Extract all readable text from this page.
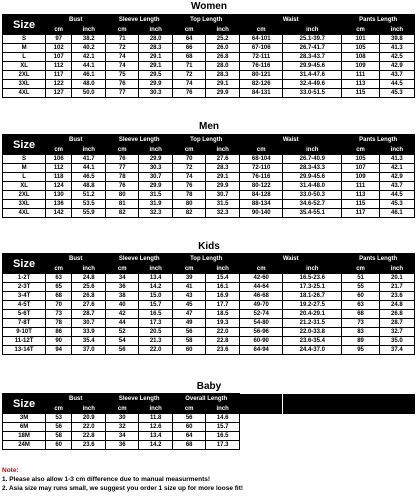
Women
Size	Bust		Sleeve Length		Top Length		Waist		Pants Length	
	cm	inch	cm	inch	cm	inch	cm	inch	cm	inch
S	97	38.2	71	28.0	64	25.2	64-101	25.1-39.7	101	39.8
M	102	40.2	72	28.3	66	26.0	67-106	26.7-41.7	105	41.3
L	107	42.1	74	29.1	68	26.8	72-111	28.3-43.7	108	42.5
XL	112	44.1	74	29.1	71	28.0	76-116	29.9-45.6	109	42.9
2XL	117	46.1	75	29.5	72	28.3	80-121	31.4-47.6	111	43.7
3XL	122	48.0	76	29.9	74	29.1	82-126	32.4-49.6	113	44.5
4XL	127	50.0	77	30.3	76	29.9	84-131	33.0-51.5	115	45.3
Men
Size	Bust		Sleeve Length		Top Length		Waist		Pants Length	
	cm	inch	cm	inch	cm	inch	cm	inch	cm	inch
S	106	41.7	76	29.9	70	27.6	68-104	26.7-40.9	105	41.3
M	112	44.1	77	30.3	72	28.3	72-110	28.3-43.3	107	42.1
L	118	46.5	78	30.7	74	29.1	76-116	29.9-45.6	109	42.9
XL	124	48.8	76	29.9	76	29.9	80-122	31.4-48.0	111	43.7
2XL	130	51.2	80	31.5	78	30.7	84-128	33.0-50.3	113	44.5
3XL	136	53.5	81	31.9	80	31.5	88-134	34.6-52.7	115	45.3
4XL	142	55.9	82	32.3	82	32.3	90-140	35.4-55.1	117	46.1
Kids
Size	Bust		Sleeve Length		Top Length		Waist		Pants Length	
	cm	inch	cm	inch	cm	inch	cm	inch	cm	inch
1-2T	63	24.8	34	13.4	39	15.4	42-60	16.5-23.6	51	20.1
2-3T	65	25.6	36	14.2	41	16.1	44-64	17.3-25.1	55	21.7
3-4T	68	26.8	38	15.0	43	16.9	46-68	18.1-26.7	60	23.6
4-5T	70	27.6	40	15.7	45	17.7	49-70	19.2-27.5	63	24.8
5-6T	73	28.7	42	16.5	47	18.5	52-74	20.4-29.1	68	26.8
7-8T	78	30.7	44	17.3	49	19.3	54-80	21.2-31.5	73	28.7
9-10T	86	33.9	52	20.5	56	22.0	56-96	22.0-33.8	83	32.7
11-12T	90	35.4	54	21.3	58	22.8	60-90	23.6-35.4	89	35.0
13-14T	94	37.0	56	22.0	60	23.6	64-94	24.4-37.0	95	37.4
Baby
Size	Bust		Sleeve Length		Overall Length					
	cm	inch	cm	inch	cm	inch				
3M	53	20.9	30	11.8	56	14.6				
6M	56	22.0	32	12.6	60	15.7				
18M	58	22.8	34	13.4	64	16.5				
24M	60	23.6	36	14.2	68	17.3				
Note:
1. Please also allow 1-3 cm difference due to manual measurments!
2. Asia size may runs small, we suggest you order 1 size up for more loose fit!
